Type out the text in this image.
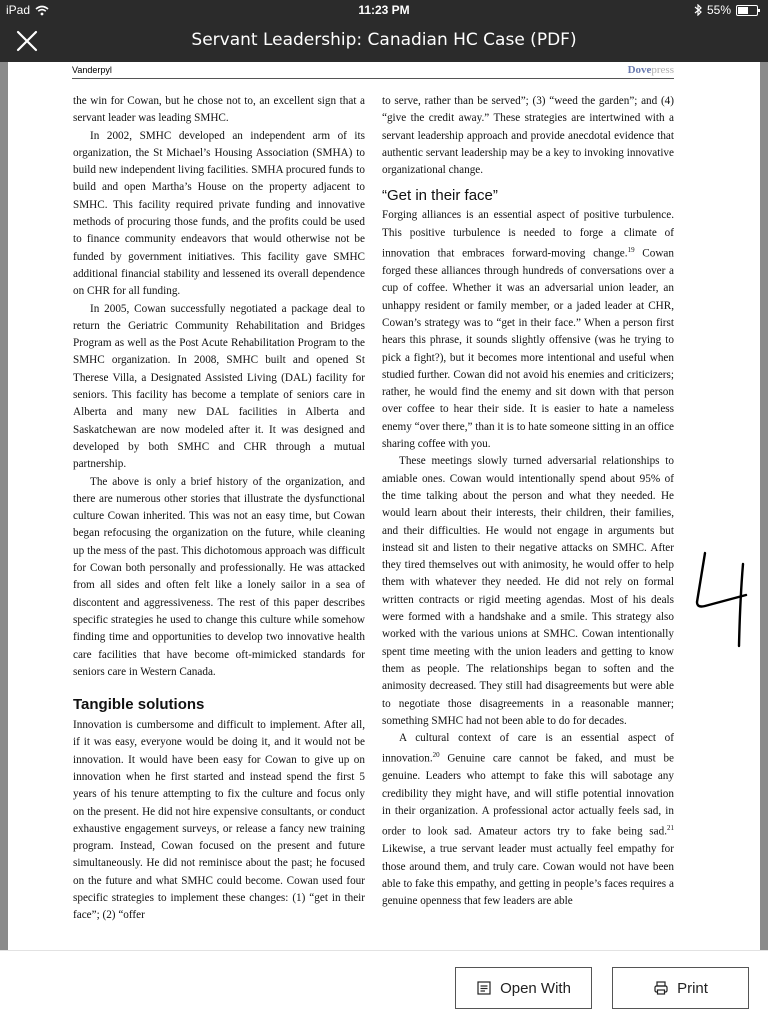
iPad	11:23 PM	55%
Servant Leadership: Canadian HC Case (PDF)
Vanderpyl	Dovepress

the win for Cowan, but he chose not to, an excellent sign that a servant leader was leading SMHC.

In 2002, SMHC developed an independent arm of its organization, the St Michael’s Housing Association (SMHA) to build new independent living facilities. SMHA procured funds to build and open Martha’s House on the property adjacent to SMHC. This facility required private funding and innovative methods of procuring those funds, and the profits could be used to finance community endeavors that would otherwise not be funded by government initiatives. This facility gave SMHC additional financial stability and lessened its overall dependence on CHR for all funding.

In 2005, Cowan successfully negotiated a package deal to return the Geriatric Community Rehabilitation and Bridges Program as well as the Post Acute Rehabilitation Program to the SMHC organization. In 2008, SMHC built and opened St Therese Villa, a Designated Assisted Living (DAL) facility for seniors. This facility has become a template of seniors care in Alberta and many new DAL facilities in Alberta and Saskatchewan are now modeled after it. It was designed and developed by both SMHC and CHR through a mutual partnership.

The above is only a brief history of the organization, and there are numerous other stories that illustrate the dysfunctional culture Cowan inherited. This was not an easy time, but Cowan began refocusing the organization on the future, while cleaning up the mess of the past. This dichotomous approach was difficult for Cowan both personally and professionally. He was attacked from all sides and often felt like a lonely sailor in a sea of discontent and aggressiveness. The rest of this paper describes specific strategies he used to change this culture while somehow finding time and opportunities to develop two innovative health care facilities that have become oft-mimicked standards for seniors care in Western Canada.

Tangible solutions

Innovation is cumbersome and difficult to implement. After all, if it was easy, everyone would be doing it, and it would not be innovation. It would have been easy for Cowan to give up on innovation when he first started and instead spend the first 5 years of his tenure attempting to fix the culture and focus only on the present. He did not hire expensive consultants, or conduct exhaustive engagement surveys, or release a fancy new training program. Instead, Cowan focused on the present and future simultaneously. He did not reminisce about the past; he focused on the future and what SMHC could become. Cowan used four specific strategies to implement these changes: (1) “get in their face”; (2) “offer

to serve, rather than be served”; (3) “weed the garden”; and (4) “give the credit away.” These strategies are intertwined with a servant leadership approach and provide anecdotal evidence that authentic servant leadership may be a key to invoking innovative organizational change.

“Get in their face”

Forging alliances is an essential aspect of positive turbulence. This positive turbulence is needed to forge a climate of innovation that embraces forward-moving change.$^{19}$ Cowan forged these alliances through hundreds of conversations over a cup of coffee. Whether it was an adversarial union leader, an unhappy resident or family member, or a jaded leader at CHR, Cowan’s strategy was to “get in their face.” When a person first hears this phrase, it sounds slightly offensive (was he trying to pick a fight?), but it becomes more intentional and useful when studied further. Cowan did not avoid his enemies and criticizers; rather, he would find the enemy and sit down with that person over coffee to hear their side. It is easier to hate a nameless enemy “over there,” than it is to hate someone sitting in an office sharing coffee with you.

These meetings slowly turned adversarial relationships to amiable ones. Cowan would intentionally spend about 95% of the time talking about the person and what they needed. He would learn about their interests, their children, their families, and their difficulties. He would not engage in arguments but instead sit and listen to their negative attacks on SMHC. After they tired themselves out with animosity, he would offer to help them with whatever they needed. He did not rely on formal written contracts or rigid meeting agendas. Most of his deals were formed with a handshake and a smile. This strategy also worked with the various unions at SMHC. Cowan intentionally spent time meeting with the union leaders and getting to know them as people. The relationships began to soften and the animosity decreased. They still had disagreements but were able to negotiate those disagreements in a reasonable manner; something SMHC had not been able to do for decades.

A cultural context of care is an essential aspect of innovation.$^{20}$ Genuine care cannot be faked, and must be genuine. Leaders who attempt to fake this will sabotage any credibility they might have, and will stifle potential innovation in their organization. A professional actor actually feels sad, in order to look sad. Amateur actors try to fake being sad.$^{21}$ Likewise, a true servant leader must actually feel empathy for those around them, and truly care. Cowan would not have been able to fake this empathy, and getting in people’s faces requires a genuine openness that few leaders are able

Open With	Print
